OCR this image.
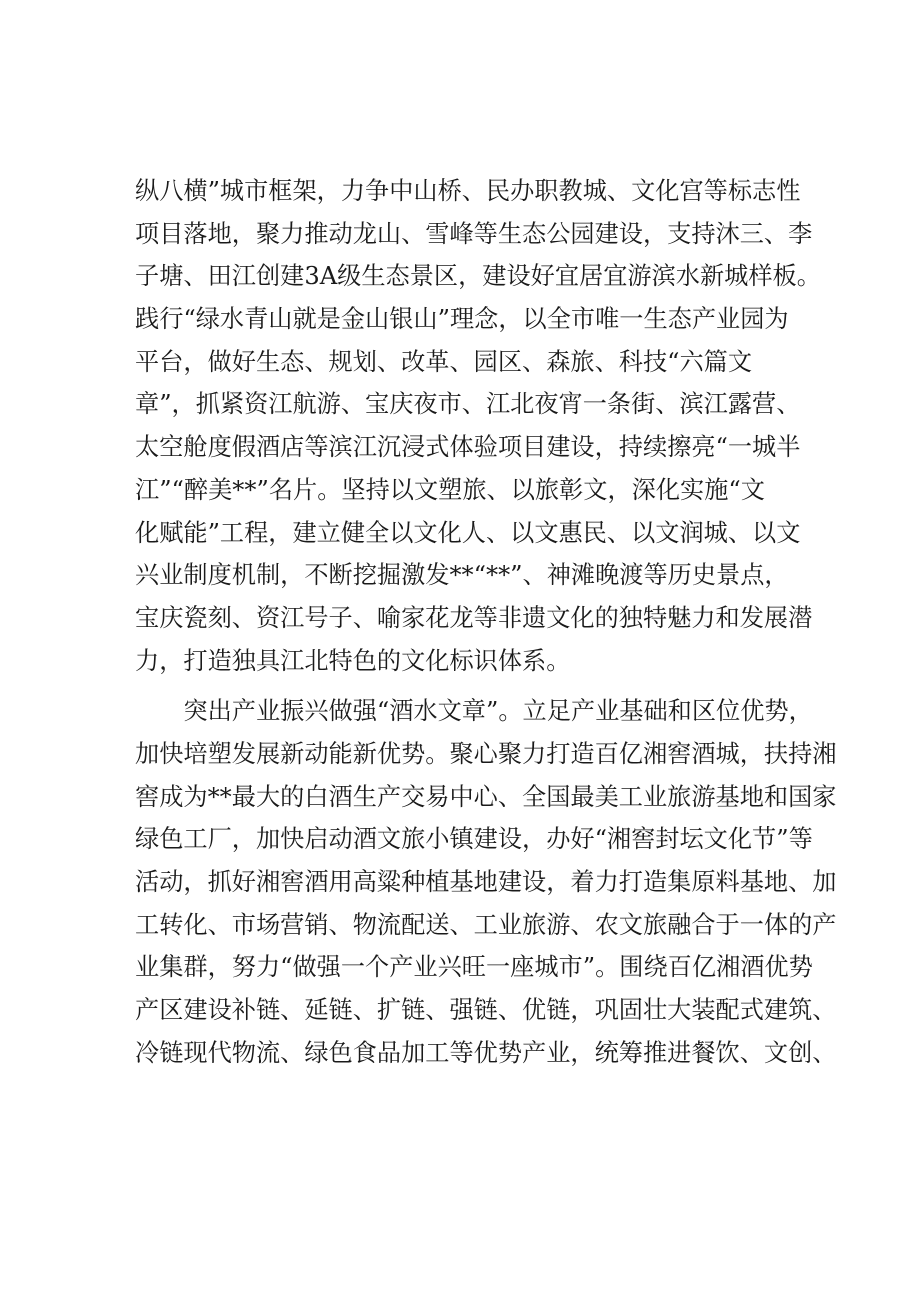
纵八横”城市框架，力争中山桥、民办职教城、文化宫等标志性
项目落地，聚力推动龙山、雪峰等生态公园建设，支持沐三、李
子塘、田江创建3A级生态景区，建设好宜居宜游滨水新城样板。
践行“绿水青山就是金山银山”理念，以全市唯一生态产业园为
平台，做好生态、规划、改革、园区、森旅、科技“六篇文
章”，抓紧资江航游、宝庆夜市、江北夜宵一条街、滨江露营、
太空舱度假酒店等滨江沉浸式体验项目建设，持续擦亮“一城半
江”“醉美**”名片。坚持以文塑旅、以旅彰文，深化实施“文
化赋能”工程，建立健全以文化人、以文惠民、以文润城、以文
兴业制度机制，不断挖掘激发**“**”、神滩晚渡等历史景点，
宝庆瓷刻、资江号子、喻家花龙等非遗文化的独特魅力和发展潜
力，打造独具江北特色的文化标识体系。
　　突出产业振兴做强“酒水文章”。立足产业基础和区位优势，
加快培塑发展新动能新优势。聚心聚力打造百亿湘窖酒城，扶持湘
窖成为**最大的白酒生产交易中心、全国最美工业旅游基地和国家
绿色工厂，加快启动酒文旅小镇建设，办好“湘窖封坛文化节”等
活动，抓好湘窖酒用高粱种植基地建设，着力打造集原料基地、加
工转化、市场营销、物流配送、工业旅游、农文旅融合于一体的产
业集群，努力“做强一个产业兴旺一座城市”。围绕百亿湘酒优势
产区建设补链、延链、扩链、强链、优链，巩固壮大装配式建筑、
冷链现代物流、绿色食品加工等优势产业，统筹推进餐饮、文创、
